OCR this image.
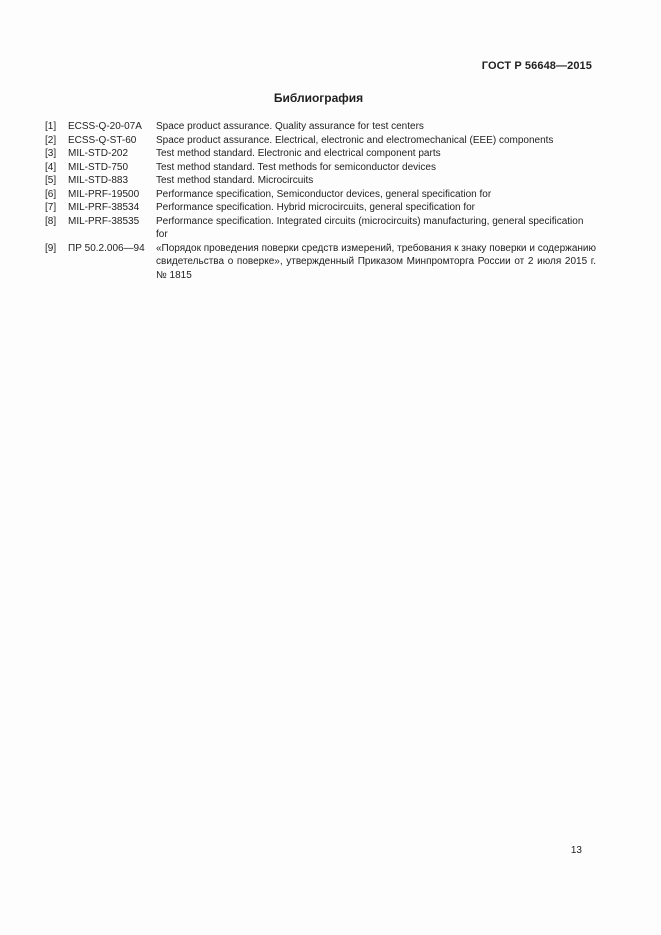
ГОСТ Р 56648—2015
Библиография
[1]	ECSS-Q-20-07A	Space product assurance. Quality assurance for test centers
[2]	ECSS-Q-ST-60	Space product assurance. Electrical, electronic and electromechanical (EEE) components
[3]	MIL-STD-202	Test method standard. Electronic and electrical component parts
[4]	MIL-STD-750	Test method standard. Test methods for semiconductor devices
[5]	MIL-STD-883	Test method standard. Microcircuits
[6]	MIL-PRF-19500	Performance specification, Semiconductor devices, general specification for
[7]	MIL-PRF-38534	Performance specification. Hybrid microcircuits, general specification for
[8]	MIL-PRF-38535	Performance specification. Integrated circuits (microcircuits) manufacturing, general specification for
[9]	ПР 50.2.006—94	«Порядок проведения поверки средств измерений, требования к знаку поверки и содержанию свидетельства о поверке», утвержденный Приказом Минпромторга России от 2 июля 2015 г. № 1815
13
